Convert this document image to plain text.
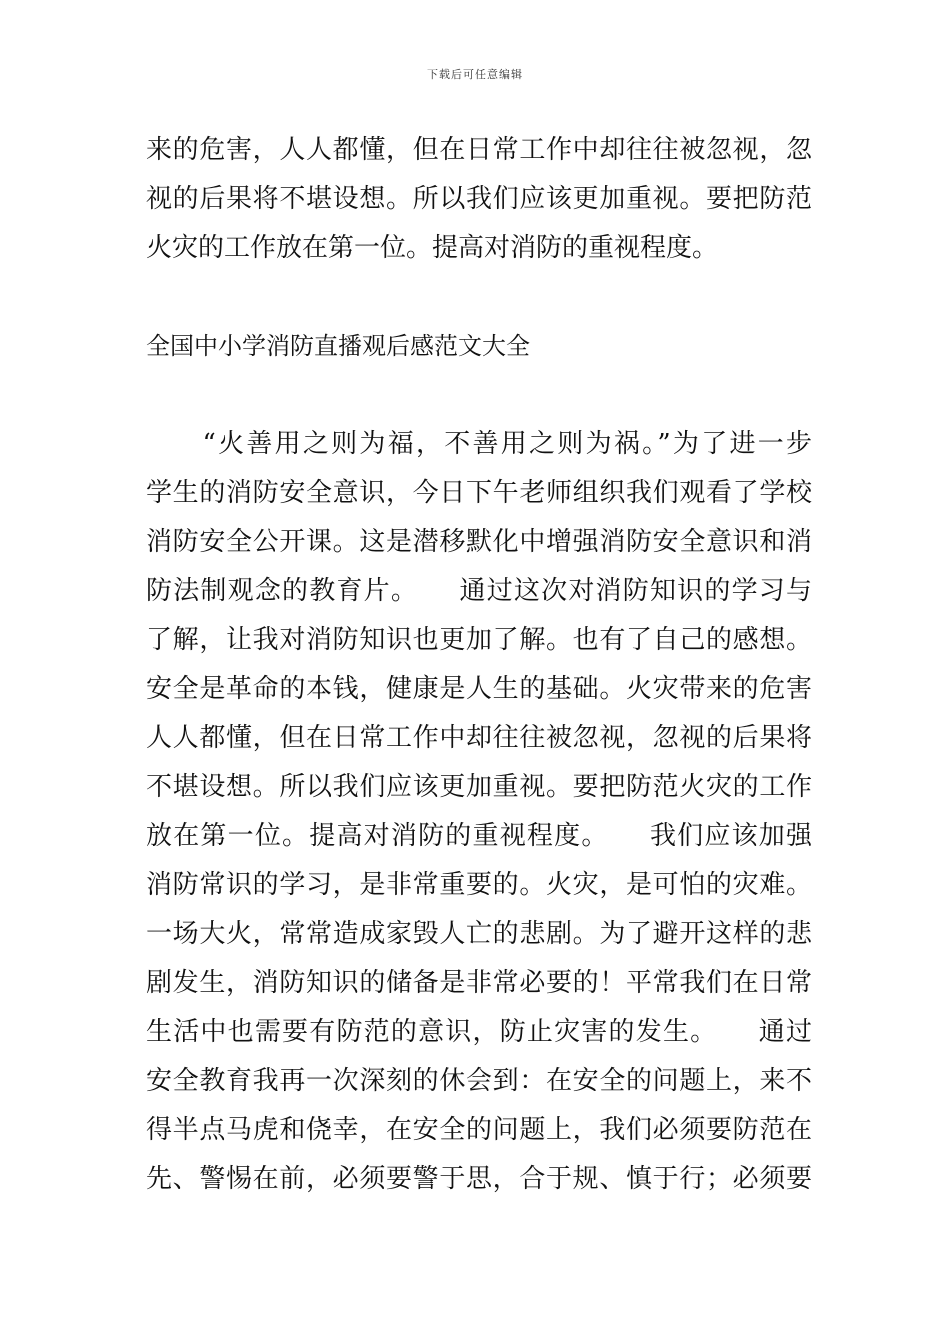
下载后可任意编辑
来的危害，人人都懂，但在日常工作中却往往被忽视，忽
视的后果将不堪设想。所以我们应该更加重视。要把防范
火灾的工作放在第一位。提高对消防的重视程度。
全国中小学消防直播观后感范文大全
　　“火善用之则为福，不善用之则为祸。”为了进一步
学生的消防安全意识，今日下午老师组织我们观看了学校
消防安全公开课。这是潜移默化中增强消防安全意识和消
防法制观念的教育片。　　通过这次对消防知识的学习与
了解，让我对消防知识也更加了解。也有了自己的感想。
安全是革命的本钱，健康是人生的基础。火灾带来的危害
人人都懂，但在日常工作中却往往被忽视，忽视的后果将
不堪设想。所以我们应该更加重视。要把防范火灾的工作
放在第一位。提高对消防的重视程度。　　我们应该加强
消防常识的学习，是非常重要的。火灾，是可怕的灾难。
一场大火，常常造成家毁人亡的悲剧。为了避开这样的悲
剧发生，消防知识的储备是非常必要的！平常我们在日常
生活中也需要有防范的意识，防止灾害的发生。　　通过
安全教育我再一次深刻的休会到：在安全的问题上，来不
得半点马虎和侥幸，在安全的问题上，我们必须要防范在
先、警惕在前，必须要警于思，合于规、慎于行；必须要
